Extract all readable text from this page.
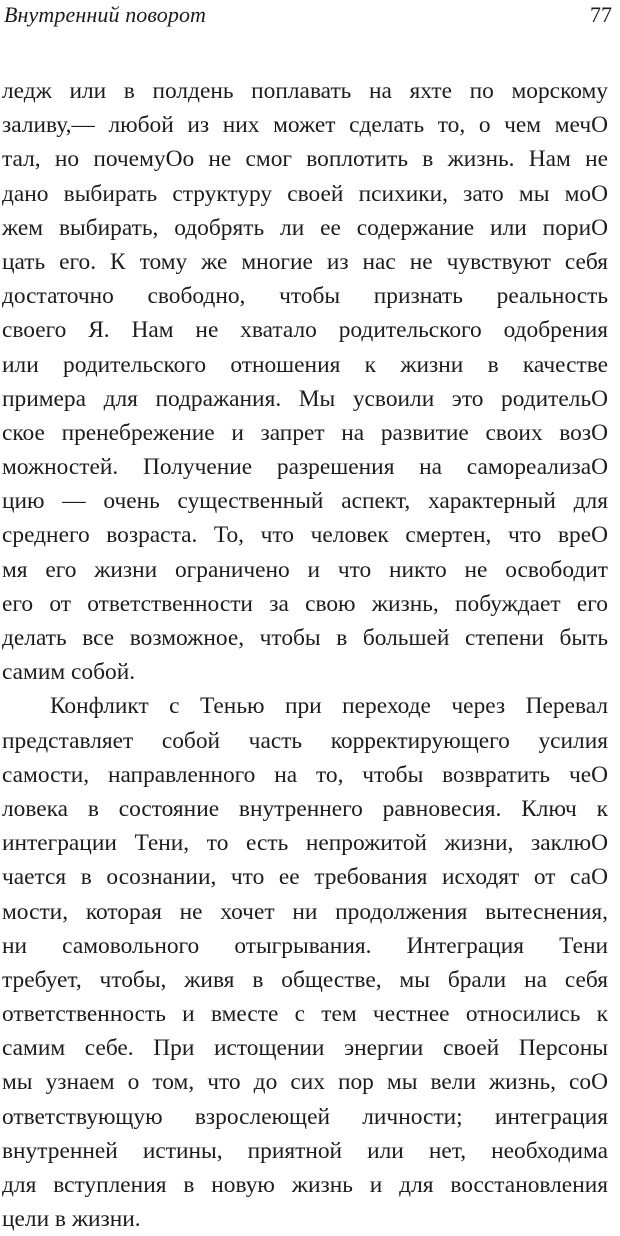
Внутренний поворот	77
ледж или в полдень поплавать на яхте по морскому
заливу,— любой из них может сделать то, о чем мечО
тал, но почемуОо не смог воплотить в жизнь. Нам не
дано выбирать структуру своей психики, зато мы моО
жем выбирать, одобрять ли ее содержание или пориО
цать его. К тому же многие из нас не чувствуют себя
достаточно свободно, чтобы признать реальность
своего Я. Нам не хватало родительского одобрения
или родительского отношения к жизни в качестве
примера для подражания. Мы усвоили это родительО
ское пренебрежение и запрет на развитие своих возО
можностей. Получение разрешения на самореализаО
цию — очень существенный аспект, характерный для
среднего возраста. То, что человек смертен, что вреО
мя его жизни ограничено и что никто не освободит
его от ответственности за свою жизнь, побуждает его
делать все возможное, чтобы в большей степени быть
самим собой.
Конфликт с Тенью при переходе через Перевал
представляет собой часть корректирующего усилия
самости, направленного на то, чтобы возвратить чеО
ловека в состояние внутреннего равновесия. Ключ к
интеграции Тени, то есть непрожитой жизни, заклюО
чается в осознании, что ее требования исходят от саО
мости, которая не хочет ни продолжения вытеснения,
ни самовольного отыгрывания. Интеграция Тени
требует, чтобы, живя в обществе, мы брали на себя
ответственность и вместе с тем честнее относились к
самим себе. При истощении энергии своей Персоны
мы узнаем о том, что до сих пор мы вели жизнь, соО
ответствующую взрослеющей личности; интеграция
внутренней истины, приятной или нет, необходима
для вступления в новую жизнь и для восстановления
цели в жизни.
